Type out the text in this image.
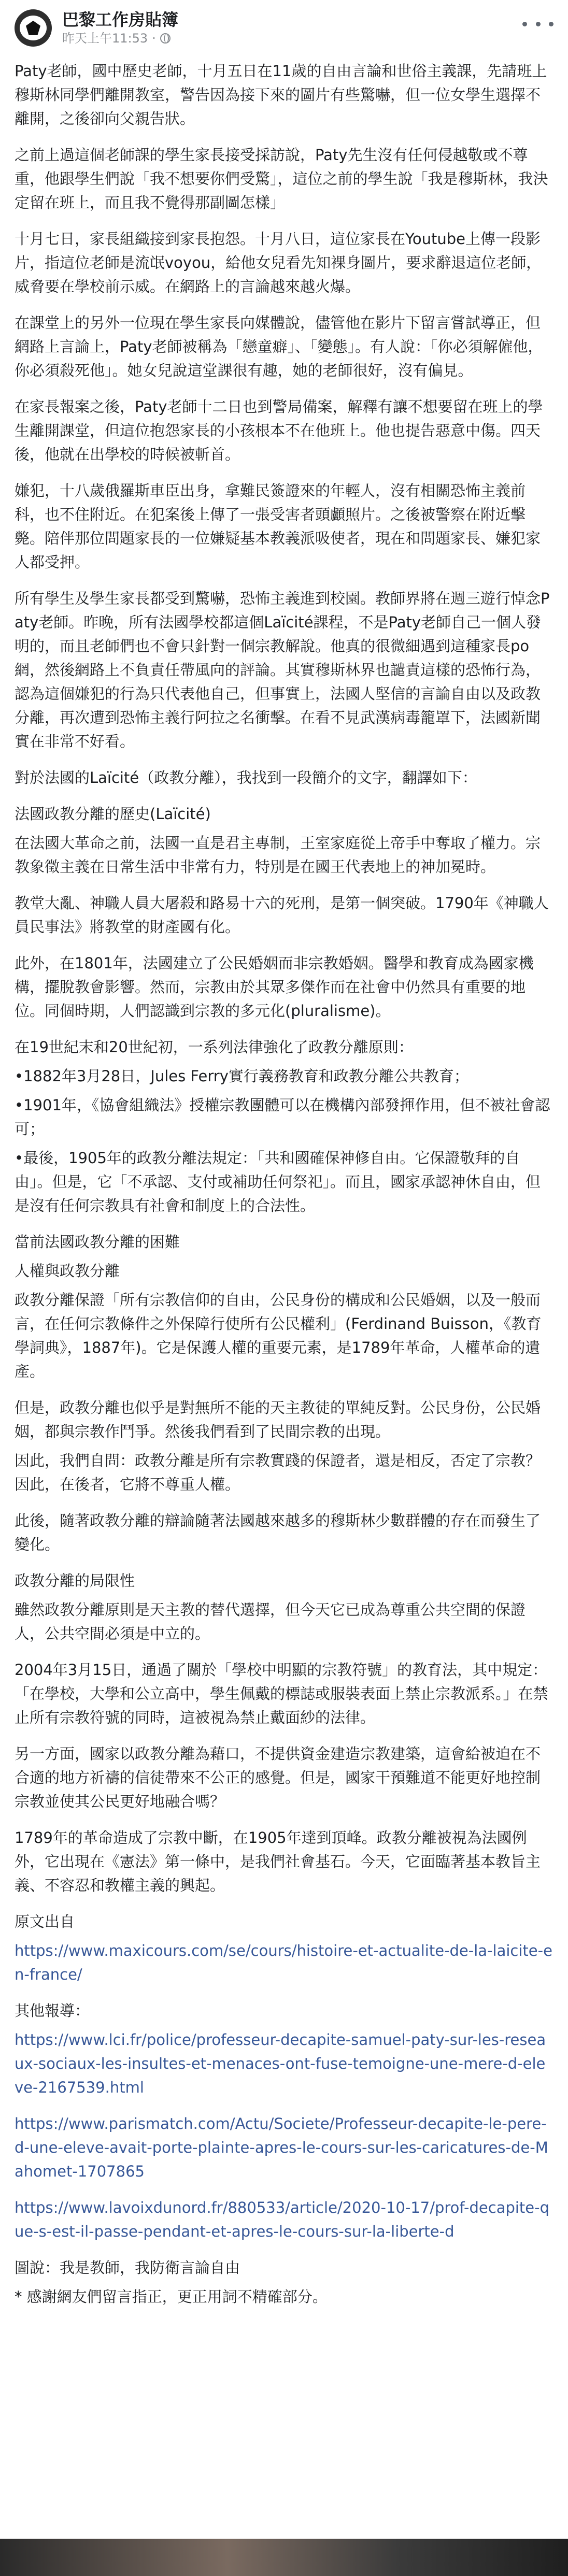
巴黎工作房貼簿
昨天上午11:53 ·

Paty老師，國中歷史老師，十月五日在11歲的自由言論和世俗主義課，先請班上穆斯林同學們離開教室，警告因為接下來的圖片有些驚嚇，但一位女學生選擇不離開，之後卻向父親告狀。

之前上過這個老師課的學生家長接受採訪說，Paty先生沒有任何侵越敬或不尊重，他跟學生們說「我不想要你們受驚」，這位之前的學生說「我是穆斯林，我決定留在班上，而且我不覺得那副圖怎樣」

十月七日，家長組織接到家長抱怨。十月八日，這位家長在Youtube上傳一段影片，指這位老師是流氓voyou，給他女兒看先知裸身圖片，要求辭退這位老師，威脅要在學校前示威。在網路上的言論越來越火爆。

在課堂上的另外一位現在學生家長向媒體說，儘管他在影片下留言嘗試導正，但網路上言論上，Paty老師被稱為「戀童癖」、「變態」。有人說：「你必須解僱他，你必須殺死他」。她女兒說這堂課很有趣，她的老師很好，沒有偏見。

在家長報案之後，Paty老師十二日也到警局備案，解釋有讓不想要留在班上的學生離開課堂，但這位抱怨家長的小孩根本不在他班上。他也提告惡意中傷。四天後，他就在出學校的時候被斬首。

嫌犯，十八歲俄羅斯車臣出身，拿難民簽證來的年輕人，沒有相關恐怖主義前科，也不住附近。在犯案後上傳了一張受害者頭顱照片。之後被警察在附近擊斃。陪伴那位問題家長的一位嫌疑基本教義派吸使者，現在和問題家長、嫌犯家人都受押。

所有學生及學生家長都受到驚嚇，恐怖主義進到校園。教師界將在週三遊行悼念Paty老師。昨晚，所有法國學校都這個Laïcité課程，不是Paty老師自己一個人發明的，而且老師們也不會只針對一個宗教解說。他真的很微細遇到這種家長po網，然後網路上不負責任帶風向的評論。其實穆斯林界也譴責這樣的恐怖行為，認為這個嫌犯的行為只代表他自己，但事實上，法國人堅信的言論自由以及政教分離，再次遭到恐怖主義行阿拉之名衝擊。在看不見武漢病毒籠罩下，法國新聞實在非常不好看。

對於法國的Laïcité（政教分離），我找到一段簡介的文字，翻譯如下：

法國政教分離的歷史(Laïcité)

在法國大革命之前，法國一直是君主專制，王室家庭從上帝手中奪取了權力。宗教象徵主義在日常生活中非常有力，特別是在國王代表地上的神加冕時。

教堂大亂、神職人員大屠殺和路易十六的死刑，是第一個突破。1790年《神職人員民事法》將教堂的財產國有化。

此外，在1801年，法國建立了公民婚姻而非宗教婚姻。醫學和教育成為國家機構，擺脫教會影響。然而，宗教由於其眾多傑作而在社會中仍然具有重要的地位。同個時期，人們認識到宗教的多元化(pluralisme)。

在19世紀末和20世紀初，一系列法律強化了政教分離原則：

•1882年3月28日，Jules Ferry實行義務教育和政教分離公共教育；

•1901年，《協會組織法》授權宗教團體可以在機構內部發揮作用，但不被社會認可；

•最後，1905年的政教分離法規定：「共和國確保神修自由。它保證敬拜的自由」。但是，它「不承認、支付或補助任何祭祀」。而且，國家承認神休自由，但是沒有任何宗教具有社會和制度上的合法性。

當前法國政教分離的困難

人權與政教分離

政教分離保證「所有宗教信仰的自由，公民身份的構成和公民婚姻，以及一般而言，在任何宗教條件之外保障行使所有公民權利」(Ferdinand Buisson，《教育學詞典》，1887年)。它是保護人權的重要元素，是1789年革命，人權革命的遺產。

但是，政教分離也似乎是對無所不能的天主教徒的單純反對。公民身份，公民婚姻，都與宗教作鬥爭。然後我們看到了民間宗教的出現。

因此，我們自問：政教分離是所有宗教實踐的保證者，還是相反，否定了宗教？因此，在後者，它將不尊重人權。

此後，隨著政教分離的辯論隨著法國越來越多的穆斯林少數群體的存在而發生了變化。

政教分離的局限性

雖然政教分離原則是天主教的替代選擇，但今天它已成為尊重公共空間的保證人，公共空間必須是中立的。

2004年3月15日，通過了關於「學校中明顯的宗教符號」的教育法，其中規定：「在學校，大學和公立高中，學生佩戴的標誌或服裝表面上禁止宗教派系。」在禁止所有宗教符號的同時，這被視為禁止戴面紗的法律。

另一方面，國家以政教分離為藉口，不提供資金建造宗教建築，這會給被迫在不合適的地方祈禱的信徒帶來不公正的感覺。但是，國家干預難道不能更好地控制宗教並使其公民更好地融合嗎？

1789年的革命造成了宗教中斷，在1905年達到頂峰。政教分離被視為法國例外，它出現在《憲法》第一條中，是我們社會基石。今天，它面臨著基本教旨主義、不容忍和教權主義的興起。

原文出自

https://www.maxicours.com/se/cours/histoire-et-actualite-de-la-laicite-en-france/

其他報導：

https://www.lci.fr/police/professeur-decapite-samuel-paty-sur-les-reseaux-sociaux-les-insultes-et-menaces-ont-fuse-temoigne-une-mere-d-eleve-2167539.html
https://www.parismatch.com/Actu/Societe/Professeur-decapite-le-pere-d-une-eleve-avait-porte-plainte-apres-le-cours-sur-les-caricatures-de-Mahomet-1707865
https://www.lavoixdunord.fr/880533/article/2020-10-17/prof-decapite-que-s-est-il-passe-pendant-et-apres-le-cours-sur-la-liberte-d

圖說：我是教師，我防衛言論自由

* 感謝網友們留言指正，更正用詞不精確部分。
